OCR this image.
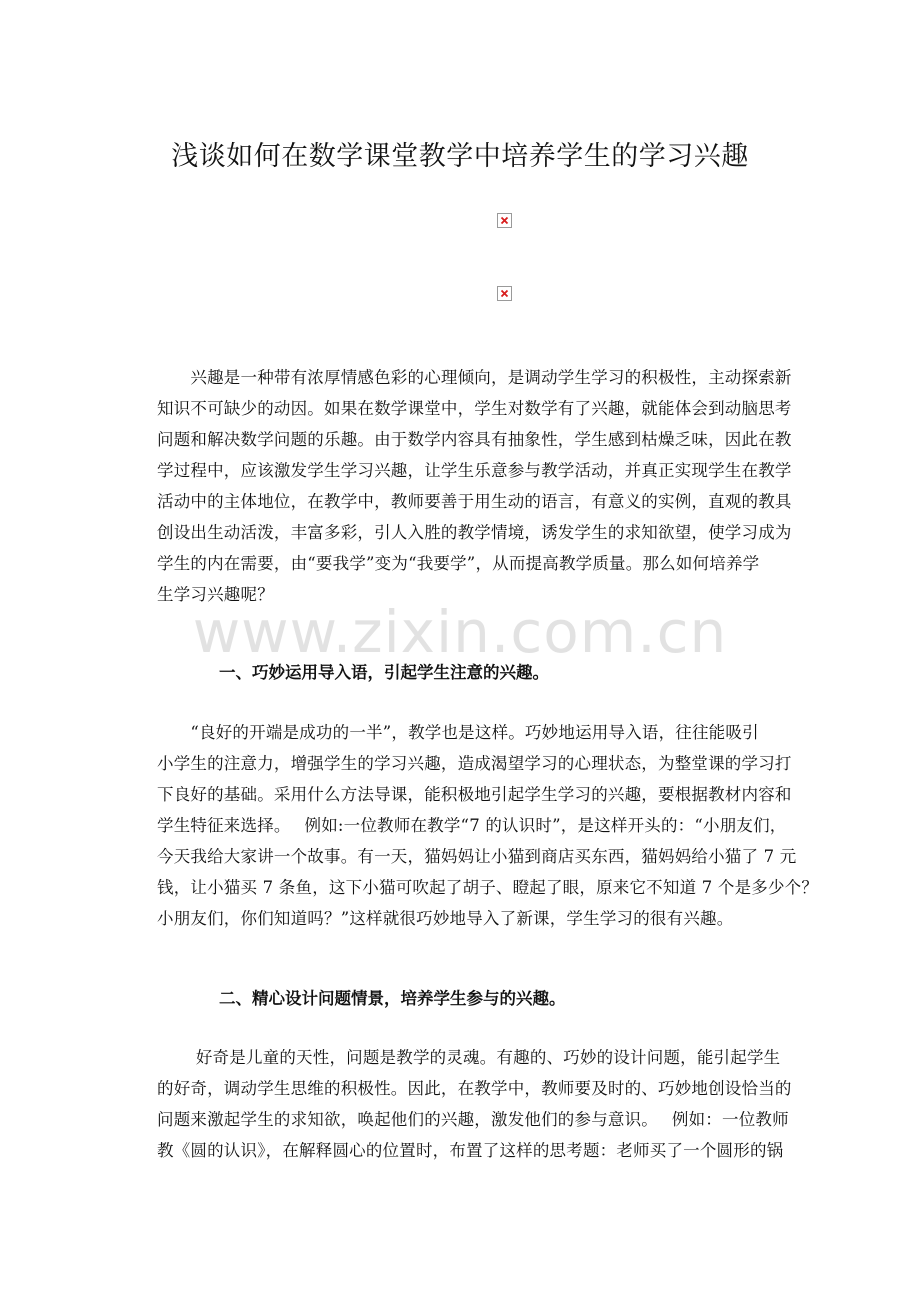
浅谈如何在数学课堂教学中培养学生的学习兴趣
　　兴趣是一种带有浓厚情感色彩的心理倾向，是调动学生学习的积极性，主动探索新
知识不可缺少的动因。如果在数学课堂中，学生对数学有了兴趣，就能体会到动脑思考
问题和解决数学问题的乐趣。由于数学内容具有抽象性，学生感到枯燥乏味，因此在教
学过程中，应该激发学生学习兴趣，让学生乐意参与教学活动，并真正实现学生在教学
活动中的主体地位，在教学中，教师要善于用生动的语言，有意义的实例，直观的教具
创设出生动活泼，丰富多彩，引人入胜的教学情境，诱发学生的求知欲望，使学习成为
学生的内在需要，由“要我学”变为“我要学”，从而提高教学质量。那么如何培养学
生学习兴趣呢？
www.zixin.com.cn
一、巧妙运用导入语，引起学生注意的兴趣。
　　“良好的开端是成功的一半”，教学也是这样。巧妙地运用导入语，往往能吸引
小学生的注意力，增强学生的学习兴趣，造成渴望学习的心理状态，为整堂课的学习打
下良好的基础。采用什么方法导课，能积极地引起学生学习的兴趣，要根据教材内容和
学生特征来选择。　 例如:一位教师在教学“7 的认识时”，是这样开头的：“小朋友们，
今天我给大家讲一个故事。有一天，猫妈妈让小猫到商店买东西，猫妈妈给小猫了 7 元
钱，让小猫买 7 条鱼，这下小猫可吹起了胡子、瞪起了眼，原来它不知道 7 个是多少个？
小朋友们，你们知道吗？”这样就很巧妙地导入了新课，学生学习的很有兴趣。
二、精心设计问题情景，培养学生参与的兴趣。
　　 好奇是儿童的天性，问题是教学的灵魂。有趣的、巧妙的设计问题，能引起学生
的好奇，调动学生思维的积极性。因此，在教学中，教师要及时的、巧妙地创设恰当的
问题来激起学生的求知欲，唤起他们的兴趣，激发他们的参与意识。　 例如：一位教师
教《圆的认识》，在解释圆心的位置时，布置了这样的思考题：老师买了一个圆形的锅
